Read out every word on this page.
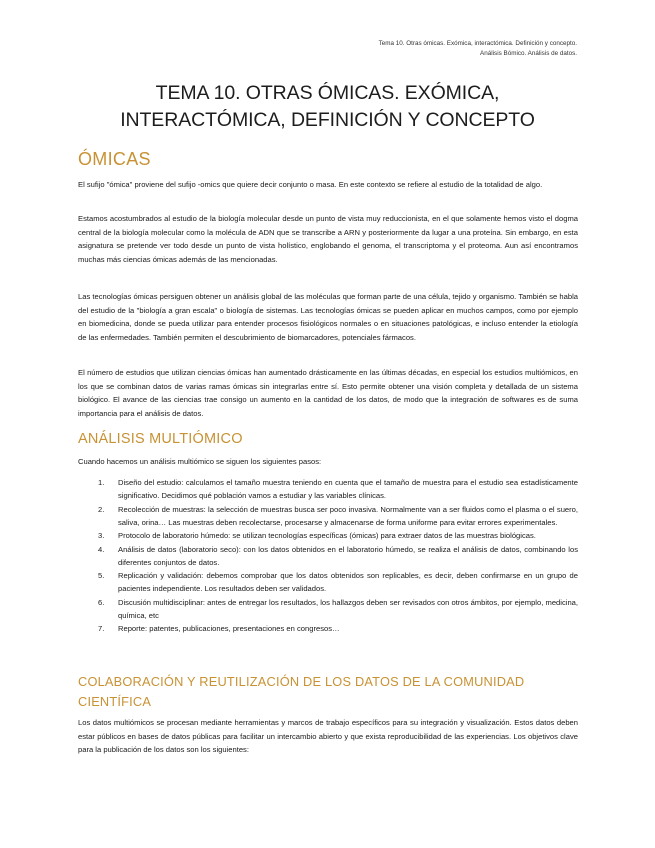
Tema 10. Otras ómicas. Exómica, interactómica. Definición y concepto.
Análisis Bómico. Análisis de datos.
TEMA 10. OTRAS ÓMICAS. EXÓMICA,
INTERACTÓMICA, DEFINICIÓN Y CONCEPTO
ÓMICAS

El sufijo "ómica" proviene del sufijo -omics que quiere decir conjunto o masa. En este contexto se refiere al estudio de la totalidad de algo.

Estamos acostumbrados al estudio de la biología molecular desde un punto de vista muy reduccionista, en el que solamente hemos visto el dogma central de la biología molecular como la molécula de ADN que se transcribe a ARN y posteriormente da lugar a una proteína. Sin embargo, en esta asignatura se pretende ver todo desde un punto de vista holístico, englobando el genoma, el transcriptoma y el proteoma. Aun así encontramos muchas más ciencias ómicas además de las mencionadas.

Las tecnologías ómicas persiguen obtener un análisis global de las moléculas que forman parte de una célula, tejido y organismo. También se habla del estudio de la "biología a gran escala" o biología de sistemas. Las tecnologías ómicas se pueden aplicar en muchos campos, como por ejemplo en biomedicina, donde se pueda utilizar para entender procesos fisiológicos normales o en situaciones patológicas, e incluso entender la etiología de las enfermedades. También permiten el descubrimiento de biomarcadores, potenciales fármacos.

El número de estudios que utilizan ciencias ómicas han aumentado drásticamente en las últimas décadas, en especial los estudios multiómicos, en los que se combinan datos de varias ramas ómicas sin integrarlas entre sí. Esto permite obtener una visión completa y detallada de un sistema biológico. El avance de las ciencias trae consigo un aumento en la cantidad de los datos, de modo que la integración de softwares es de suma importancia para el análisis de datos.

ANÁLISIS MULTIÓMICO

Cuando hacemos un análisis multiómico se siguen los siguientes pasos:

1. Diseño del estudio: calculamos el tamaño muestra teniendo en cuenta que el tamaño de muestra para el estudio sea estadísticamente significativo. Decidimos qué población vamos a estudiar y las variables clínicas.
2. Recolección de muestras: la selección de muestras busca ser poco invasiva. Normalmente van a ser fluidos como el plasma o el suero, saliva, orina… Las muestras deben recolectarse, procesarse y almacenarse de forma uniforme para evitar errores experimentales.
3. Protocolo de laboratorio húmedo: se utilizan tecnologías específicas (ómicas) para extraer datos de las muestras biológicas.
4. Análisis de datos (laboratorio seco): con los datos obtenidos en el laboratorio húmedo, se realiza el análisis de datos, combinando los diferentes conjuntos de datos.
5. Replicación y validación: debemos comprobar que los datos obtenidos son replicables, es decir, deben confirmarse en un grupo de pacientes independiente. Los resultados deben ser validados.
6. Discusión multidisciplinar: antes de entregar los resultados, los hallazgos deben ser revisados con otros ámbitos, por ejemplo, medicina, química, etc
7. Reporte: patentes, publicaciones, presentaciones en congresos…
COLABORACIÓN Y REUTILIZACIÓN DE LOS DATOS DE LA COMUNIDAD CIENTÍFICA

Los datos multiómicos se procesan mediante herramientas y marcos de trabajo específicos para su integración y visualización. Estos datos deben estar públicos en bases de datos públicas para facilitar un intercambio abierto y que exista reproducibilidad de las experiencias. Los objetivos clave para la publicación de los datos son los siguientes:
